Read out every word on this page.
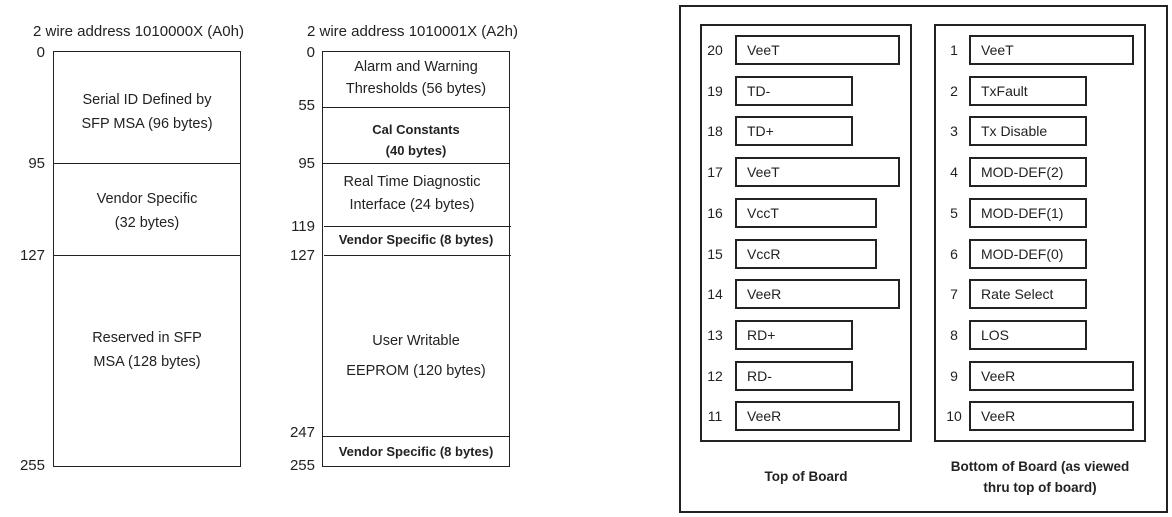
2 wire address 1010000X (A0h)
0
95
127
255
Serial ID Defined by
SFP MSA (96 bytes)
Vendor Specific
(32 bytes)
Reserved in SFP
MSA (128 bytes)
2 wire address 1010001X (A2h)
0
55
95
119
127
247
255
Alarm and Warning
Thresholds (56 bytes)
Cal Constants
(40 bytes)
Real Time Diagnostic
Interface (24 bytes)
Vendor Specific (8 bytes)
User Writable
EEPROM (120 bytes)
Vendor Specific (8 bytes)
Top of Board
Bottom of Board (as viewed
thru top of board)
20	VeeT
19	TD-
18	TD+
17	VeeT
16	VccT
15	VccR
14	VeeR
13	RD+
12	RD-
11	VeeR
1	VeeT
2	TxFault
3	Tx Disable
4	MOD-DEF(2)
5	MOD-DEF(1)
6	MOD-DEF(0)
7	Rate Select
8	LOS
9	VeeR
10	VeeR
